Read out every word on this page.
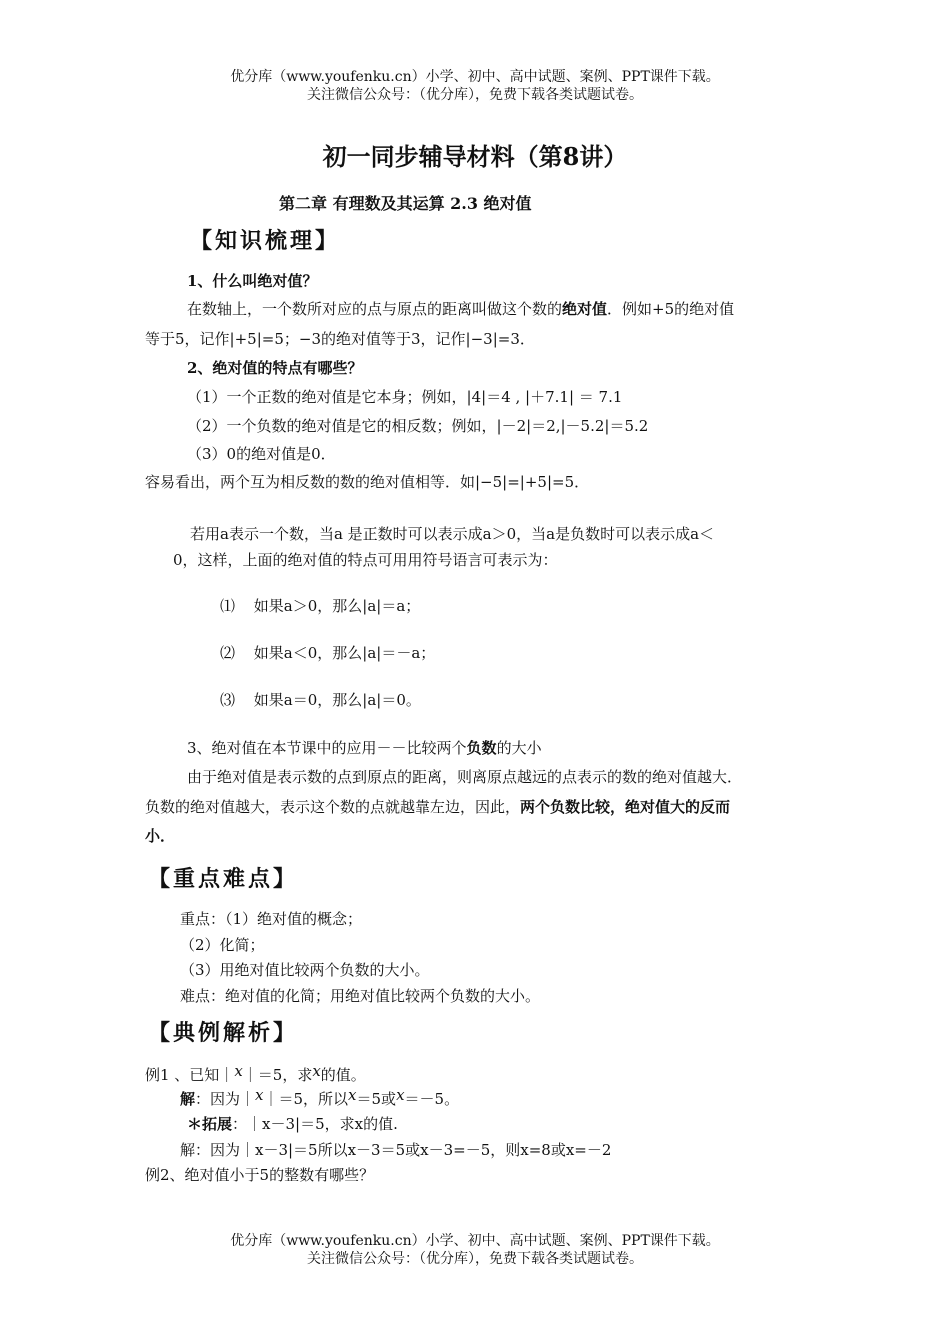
优分库（www.youfenku.cn）小学、初中、高中试题、案例、PPT课件下载。
关注微信公众号：（优分库），免费下载各类试题试卷。
初一同步辅导材料（第8讲）
第二章 有理数及其运算 2.3 绝对值
【知识梳理】
1、什么叫绝对值？
在数轴上，一个数所对应的点与原点的距离叫做这个数的绝对值．例如+5的绝对值
等于5，记作|+5|=5；−3的绝对值等于3，记作|−3|=3．
2、绝对值的特点有哪些？
（1）一个正数的绝对值是它本身；例如，|4|＝4 , |＋7.1| ＝ 7.1
（2）一个负数的绝对值是它的相反数；例如，|－2|＝2,|－5.2|＝5.2
（3）0的绝对值是0．
容易看出，两个互为相反数的数的绝对值相等．如|−5|=|+5|=5．
若用a表示一个数，当a 是正数时可以表示成a＞0，当a是负数时可以表示成a＜
0，这样，上面的绝对值的特点可用用符号语言可表示为：
⑴ 如果a＞0，那么|a|＝a；
⑵ 如果a＜0，那么|a|＝－a；
⑶ 如果a＝0，那么|a|＝0。
3、绝对值在本节课中的应用－－比较两个负数的大小
由于绝对值是表示数的点到原点的距离，则离原点越远的点表示的数的绝对值越大．
负数的绝对值越大，表示这个数的点就越靠左边，因此，两个负数比较，绝对值大的反而
小．
【重点难点】
重点：（1）绝对值的概念；
（2）化简；
（3）用绝对值比较两个负数的大小。
难点：绝对值的化简；用绝对值比较两个负数的大小。
【典例解析】
例1 、已知｜x｜＝5，求x的值。
解：因为｜x｜＝5，所以x＝5或x＝－5。
＊拓展：｜x－3|＝5，求x的值.
解：因为｜x－3|＝5所以x－3＝5或x－3=－5，则x=8或x=－2
例2、绝对值小于5的整数有哪些？
优分库（www.youfenku.cn）小学、初中、高中试题、案例、PPT课件下载。
关注微信公众号：（优分库），免费下载各类试题试卷。
